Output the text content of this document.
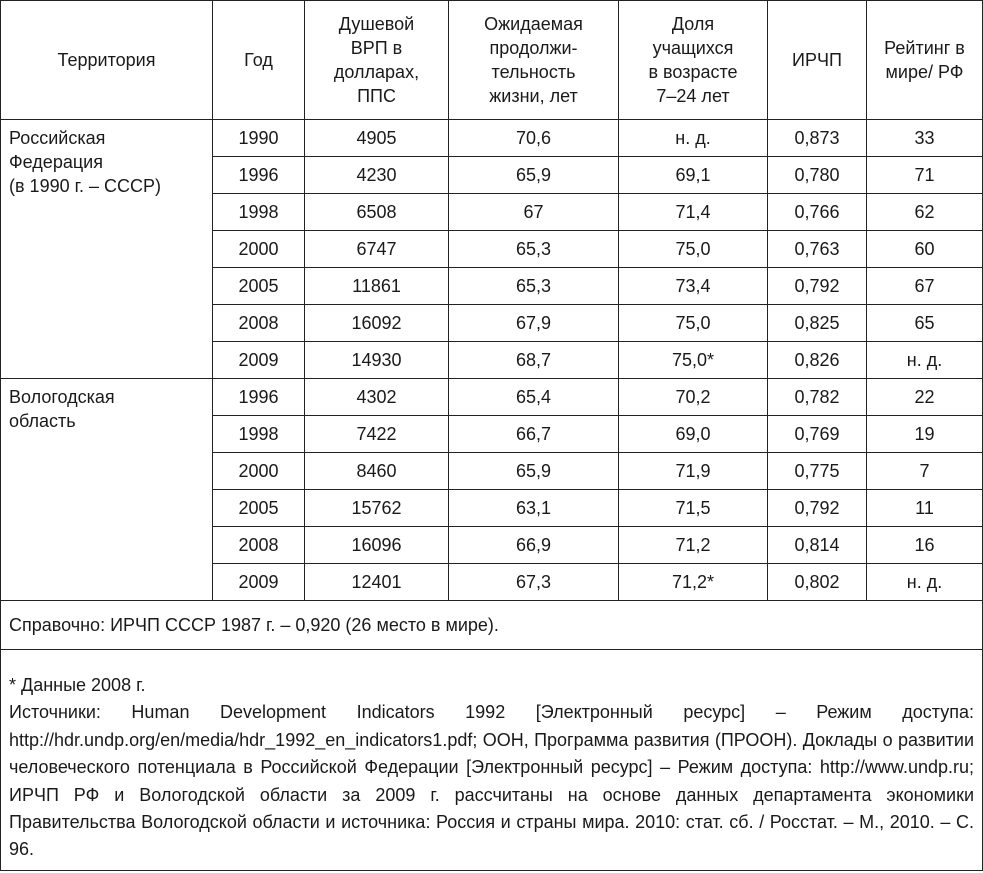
Территория	Год	Душевой
ВРП в
долларах,
ППС	Ожидаемая
продолжи-
тельность
жизни, лет	Доля
учащихся
в возрасте
7–24 лет	ИРЧП	Рейтинг в
мире/ РФ

Российская
Федерация
(в 1990 г. – СССР)	1990	4905	70,6	н. д.	0,873	33
	1996	4230	65,9	69,1	0,780	71
	1998	6508	67	71,4	0,766	62
	2000	6747	65,3	75,0	0,763	60
	2005	11861	65,3	73,4	0,792	67
	2008	16092	67,9	75,0	0,825	65
	2009	14930	68,7	75,0*	0,826	н. д.
Вологодская
область	1996	4302	65,4	70,2	0,782	22
	1998	7422	66,7	69,0	0,769	19
	2000	8460	65,9	71,9	0,775	7
	2005	15762	63,1	71,5	0,792	11
	2008	16096	66,9	71,2	0,814	16
	2009	12401	67,3	71,2*	0,802	н. д.
Справочно: ИРЧП СССР 1987 г. – 0,920 (26 место в мире).						

* Данные 2008 г.
Источники: Human Development Indicators 1992 [Электронный ресурс] – Режим доступа: http://hdr.undp.org/en/media/hdr_1992_en_indicators1.pdf; ООН, Программа развития (ПРООН). Доклады о развитии человеческого потенциала в Российской Федерации [Электронный ресурс] – Режим доступа: http://www.undp.ru; ИРЧП РФ и Вологодской области за 2009 г. рассчитаны на основе данных департамента экономики Правительства Вологодской области и источника: Россия и страны мира. 2010: стат. сб. / Росстат. – М., 2010. – С. 96.						
